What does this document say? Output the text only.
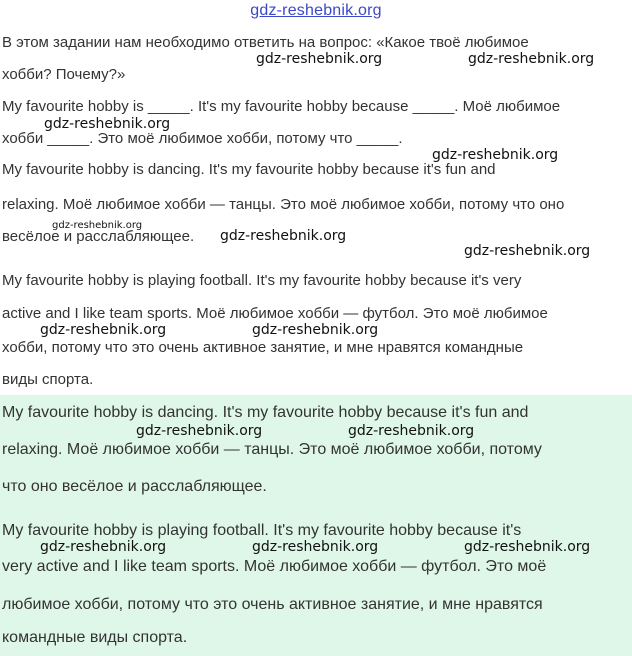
gdz-reshebnik.org
В этом задании нам необходимо ответить на вопрос: «Какое твоё любимое
хобби? Почему?»
My favourite hobby is _____. It's my favourite hobby because _____. Моё любимое
хобби _____. Это моё любимое хобби, потому что _____.
My favourite hobby is dancing. It's my favourite hobby because it's fun and
relaxing. Моё любимое хобби — танцы. Это моё любимое хобби, потому что оно
весёлое и расслабляющее.
My favourite hobby is playing football. It's my favourite hobby because it's very
active and I like team sports. Моё любимое хобби — футбол. Это моё любимое
хобби, потому что это очень активное занятие, и мне нравятся командные
виды спорта.
My favourite hobby is dancing. It's my favourite hobby because it's fun and
relaxing. Моё любимое хобби — танцы. Это моё любимое хобби, потому
что оно весёлое и расслабляющее.
My favourite hobby is playing football. It's my favourite hobby because it's
very active and I like team sports. Моё любимое хобби — футбол. Это моё
любимое хобби, потому что это очень активное занятие, и мне нравятся
командные виды спорта.
gdz-reshebnik.org	gdz-reshebnik.org
gdz-reshebnik.org
gdz-reshebnik.org
gdz-reshebnik.org
gdz-reshebnik.org
gdz-reshebnik.org
gdz-reshebnik.org	gdz-reshebnik.org
gdz-reshebnik.org	gdz-reshebnik.org
gdz-reshebnik.org	gdz-reshebnik.org	gdz-reshebnik.org
